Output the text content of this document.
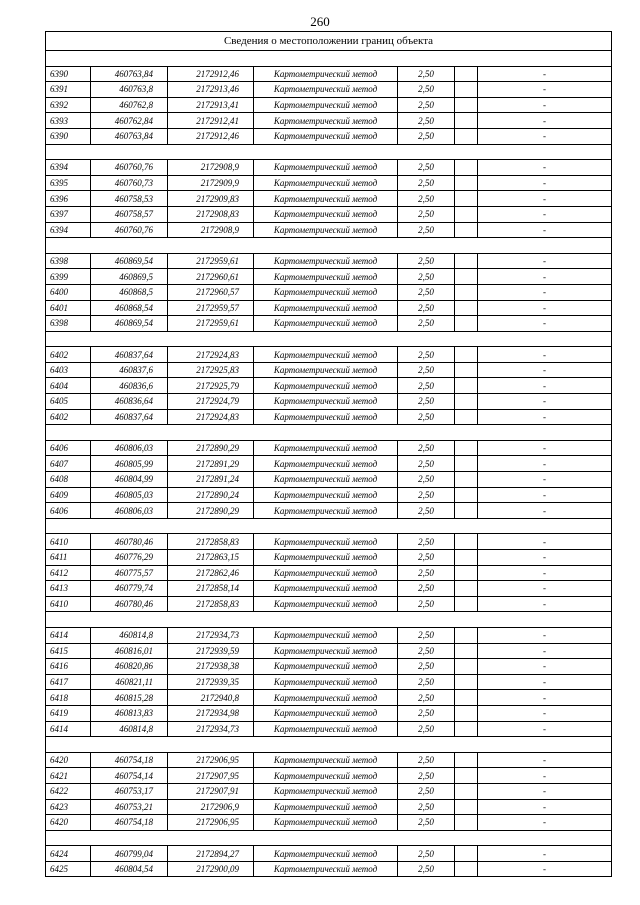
260
Сведения о местоположении границ объекта						

6390	460763,84	2172912,46	Картометрический метод	2,50		-
6391	460763,8	2172913,46	Картометрический метод	2,50		-
6392	460762,8	2172913,41	Картометрический метод	2,50		-
6393	460762,84	2172912,41	Картометрический метод	2,50		-
6390	460763,84	2172912,46	Картометрический метод	2,50		-

6394	460760,76	2172908,9	Картометрический метод	2,50		-
6395	460760,73	2172909,9	Картометрический метод	2,50		-
6396	460758,53	2172909,83	Картометрический метод	2,50		-
6397	460758,57	2172908,83	Картометрический метод	2,50		-
6394	460760,76	2172908,9	Картометрический метод	2,50		-

6398	460869,54	2172959,61	Картометрический метод	2,50		-
6399	460869,5	2172960,61	Картометрический метод	2,50		-
6400	460868,5	2172960,57	Картометрический метод	2,50		-
6401	460868,54	2172959,57	Картометрический метод	2,50		-
6398	460869,54	2172959,61	Картометрический метод	2,50		-

6402	460837,64	2172924,83	Картометрический метод	2,50		-
6403	460837,6	2172925,83	Картометрический метод	2,50		-
6404	460836,6	2172925,79	Картометрический метод	2,50		-
6405	460836,64	2172924,79	Картометрический метод	2,50		-
6402	460837,64	2172924,83	Картометрический метод	2,50		-

6406	460806,03	2172890,29	Картометрический метод	2,50		-
6407	460805,99	2172891,29	Картометрический метод	2,50		-
6408	460804,99	2172891,24	Картометрический метод	2,50		-
6409	460805,03	2172890,24	Картометрический метод	2,50		-
6406	460806,03	2172890,29	Картометрический метод	2,50		-

6410	460780,46	2172858,83	Картометрический метод	2,50		-
6411	460776,29	2172863,15	Картометрический метод	2,50		-
6412	460775,57	2172862,46	Картометрический метод	2,50		-
6413	460779,74	2172858,14	Картометрический метод	2,50		-
6410	460780,46	2172858,83	Картометрический метод	2,50		-

6414	460814,8	2172934,73	Картометрический метод	2,50		-
6415	460816,01	2172939,59	Картометрический метод	2,50		-
6416	460820,86	2172938,38	Картометрический метод	2,50		-
6417	460821,11	2172939,35	Картометрический метод	2,50		-
6418	460815,28	2172940,8	Картометрический метод	2,50		-
6419	460813,83	2172934,98	Картометрический метод	2,50		-
6414	460814,8	2172934,73	Картометрический метод	2,50		-

6420	460754,18	2172906,95	Картометрический метод	2,50		-
6421	460754,14	2172907,95	Картометрический метод	2,50		-
6422	460753,17	2172907,91	Картометрический метод	2,50		-
6423	460753,21	2172906,9	Картометрический метод	2,50		-
6420	460754,18	2172906,95	Картометрический метод	2,50		-

6424	460799,04	2172894,27	Картометрический метод	2,50		-
6425	460804,54	2172900,09	Картометрический метод	2,50		-
